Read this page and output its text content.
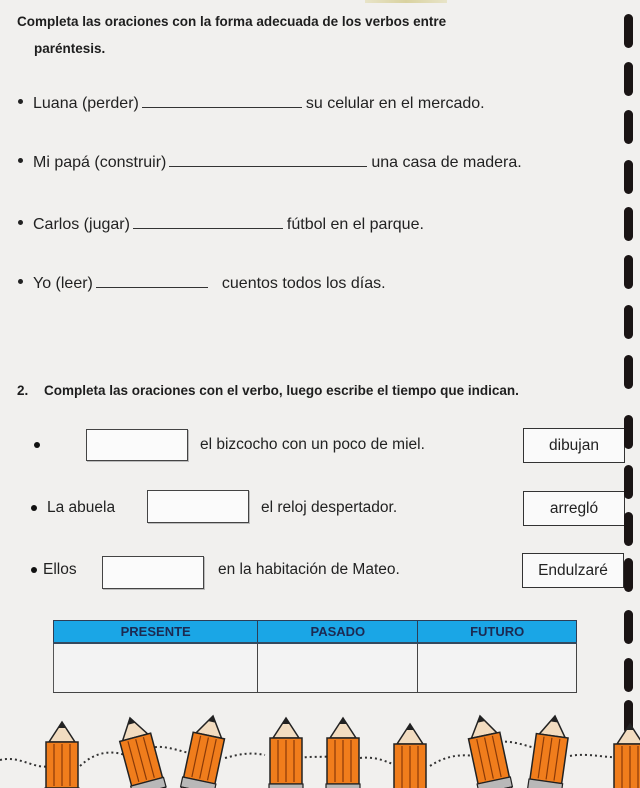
Completa las oraciones con la forma adecuada de los verbos entre
paréntesis.
Luana (perder)	su celular en el mercado.
Mi papá (construir)	una casa de madera.
Carlos (jugar)	fútbol en el parque.
Yo (leer)	cuentos todos los días.
2. Completa las oraciones con el verbo, luego escribe el tiempo que indican.
el bizcocho con un poco de miel.	dibujan
La abuela	el reloj despertador.	arregló
Ellos	en la habitación de Mateo.	Endulzaré
PRESENTE	PASADO	FUTURO
